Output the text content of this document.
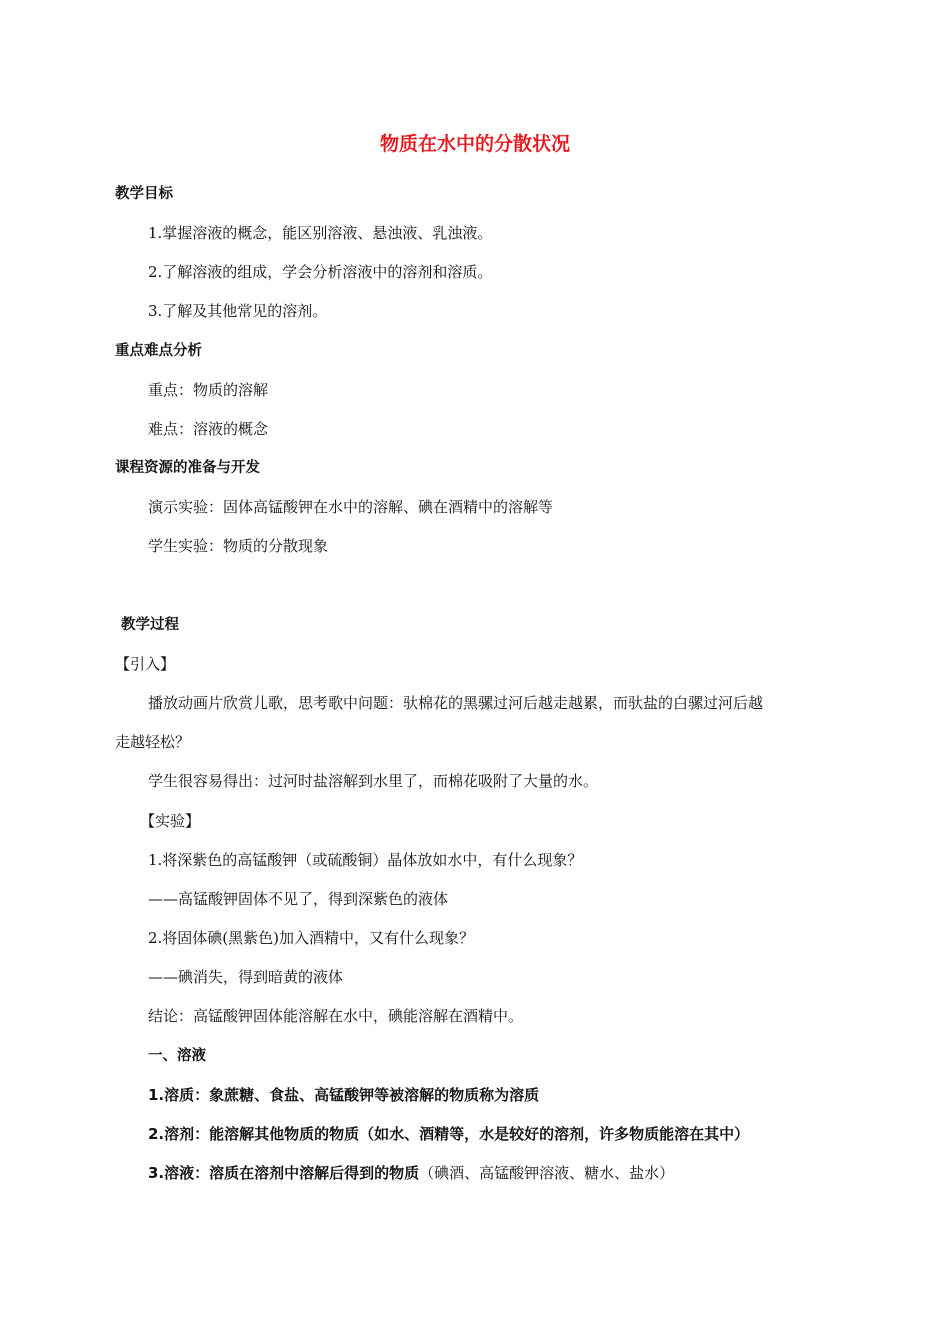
物质在水中的分散状况
教学目标
1.掌握溶液的概念，能区别溶液、悬浊液、乳浊液。
2.了解溶液的组成，学会分析溶液中的溶剂和溶质。
3.了解及其他常见的溶剂。
重点难点分析
重点：物质的溶解
难点：溶液的概念
课程资源的准备与开发
演示实验：固体高锰酸钾在水中的溶解、碘在酒精中的溶解等
学生实验：物质的分散现象
教学过程
【引入】
播放动画片欣赏儿歌，思考歌中问题：驮棉花的黑骡过河后越走越累，而驮盐的白骡过河后越
走越轻松？
学生很容易得出：过河时盐溶解到水里了，而棉花吸附了大量的水。
【实验】
1.将深紫色的高锰酸钾（或硫酸铜）晶体放如水中，有什么现象？
——高锰酸钾固体不见了，得到深紫色的液体
2.将固体碘(黑紫色)加入酒精中，又有什么现象？
——碘消失，得到暗黄的液体
结论：高锰酸钾固体能溶解在水中，碘能溶解在酒精中。
一、溶液
1.溶质：象蔗糖、食盐、高锰酸钾等被溶解的物质称为溶质
2.溶剂：能溶解其他物质的物质（如水、酒精等，水是较好的溶剂，许多物质能溶在其中）
3.溶液：溶质在溶剂中溶解后得到的物质（碘酒、高锰酸钾溶液、糖水、盐水）
